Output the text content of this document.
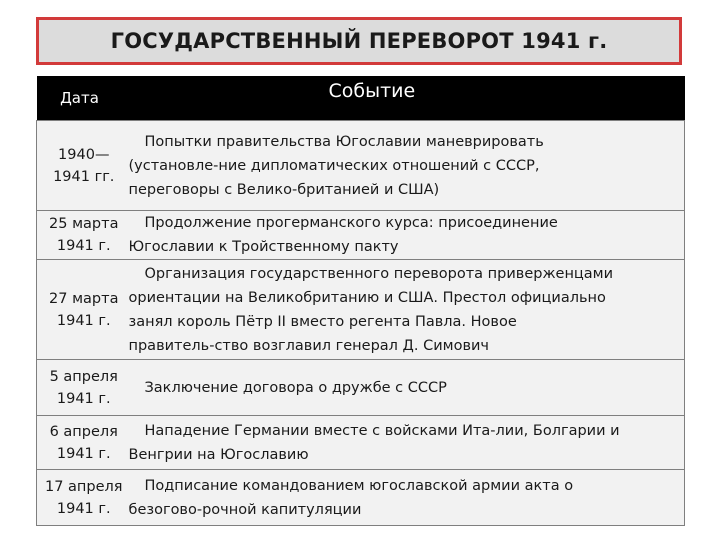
ГОСУДАРСТВЕННЫЙ ПЕРЕВОРОТ 1941 г.
Дата	Событие
1940—
1941 гг.	Попытки правительства Югославии маневрировать
(установле-ние дипломатических отношений с СССР,
переговоры с Велико-британией и США)

25 марта
1941 г.	Продолжение прогерманского курса: присоединение
Югославии к Тройственному пакту

27 марта
1941 г.	Организация государственного переворота приверженцами
ориентации на Великобританию и США. Престол официально
занял король Пётр II вместо регента Павла. Новое
правитель-ство возглавил генерал Д. Симович

5 апреля
1941 г.	Заключение договора о дружбе с СССР

6 апреля
1941 г.	Нападение Германии вместе с войсками Ита-лии, Болгарии и
Венгрии на Югославию

17 апреля
1941 г.	Подписание командованием югославской армии акта о
безогово-рочной капитуляции
